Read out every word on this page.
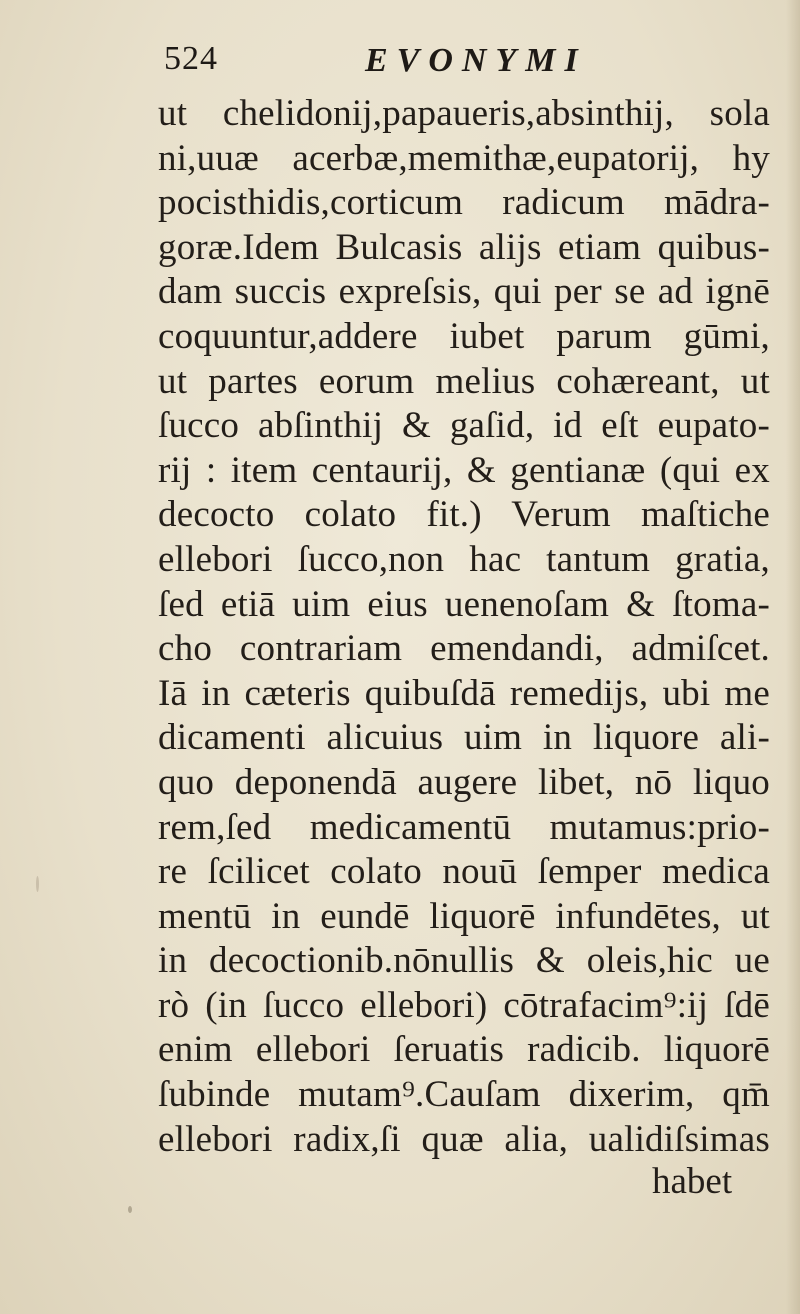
524	EVONYMI
ut chelidonij,papaueris,absinthij, sola
ni,uuæ acerbæ,memithæ,eupatorij, hy
pocisthidis,corticum radicum mādra-
goræ.Idem Bulcasis alijs etiam quibus-
dam succis expreſsis, qui per se ad ignē
coquuntur,addere iubet parum gūmi,
ut partes eorum melius cohæreant, ut
ſucco abſinthij & gaſid, id eſt eupato-
rij : item centaurij, & gentianæ (qui ex
decocto colato fit.) Verum maſtiche
ellebori ſucco,non hac tantum gratia,
ſed etiā uim eius uenenoſam & ſtoma-
cho contrariam emendandi, admiſcet.
Iā in cæteris quibuſdā remedijs, ubi me
dicamenti alicuius uim in liquore ali-
quo deponendā augere libet, nō liquo
rem,ſed medicamentū mutamus:prio-
re ſcilicet colato nouū ſemper medica
mentū in eundē liquorē infundētes, ut
in decoctionib.nōnullis & oleis,hic ue
rò (in ſucco ellebori) cōtrafacim⁹:ij ſdē
enim ellebori ſeruatis radicib. liquorē
ſubinde mutam⁹.Cauſam dixerim, qm̄
ellebori radix,ſi quæ alia, ualidiſsimas
habet
